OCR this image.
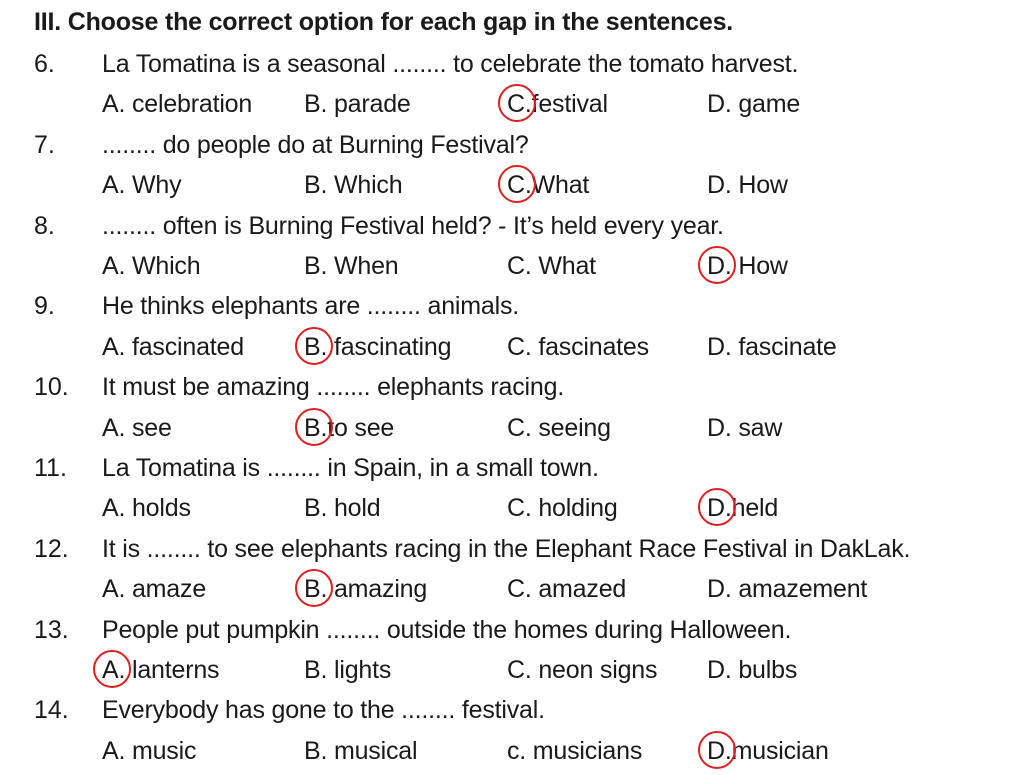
III. Choose the correct option for each gap in the sentences.
6. La Tomatina is a seasonal ........ to celebrate the tomato harvest.
A. celebration B. parade	C.festival	D. game
7. ........ do people do at Burning Festival?
A. Why	B. Which	C.What	D. How
8. ........ often is Burning Festival held? - It’s held every year.
A. Which	B. When	C. What	D. How
9. He thinks elephants are ........ animals.
A. fascinated B. fascinating C. fascinates D. fascinate
10. It must be amazing ........ elephants racing.
A. see	B.to see	C. seeing	D. saw
11. La Tomatina is ........ in Spain, in a small town.
A. holds	B. hold	C. holding	D.held
12. It is ........ to see elephants racing in the Elephant Race Festival in DakLak.
A. amaze	B. amazing	C. amazed	D. amazement
13. People put pumpkin ........ outside the homes during Halloween.
A. lanterns	B. lights	C. neon signs D. bulbs
14. Everybody has gone to the ........ festival.
A. music	B. musical	c. musicians	D.musician
